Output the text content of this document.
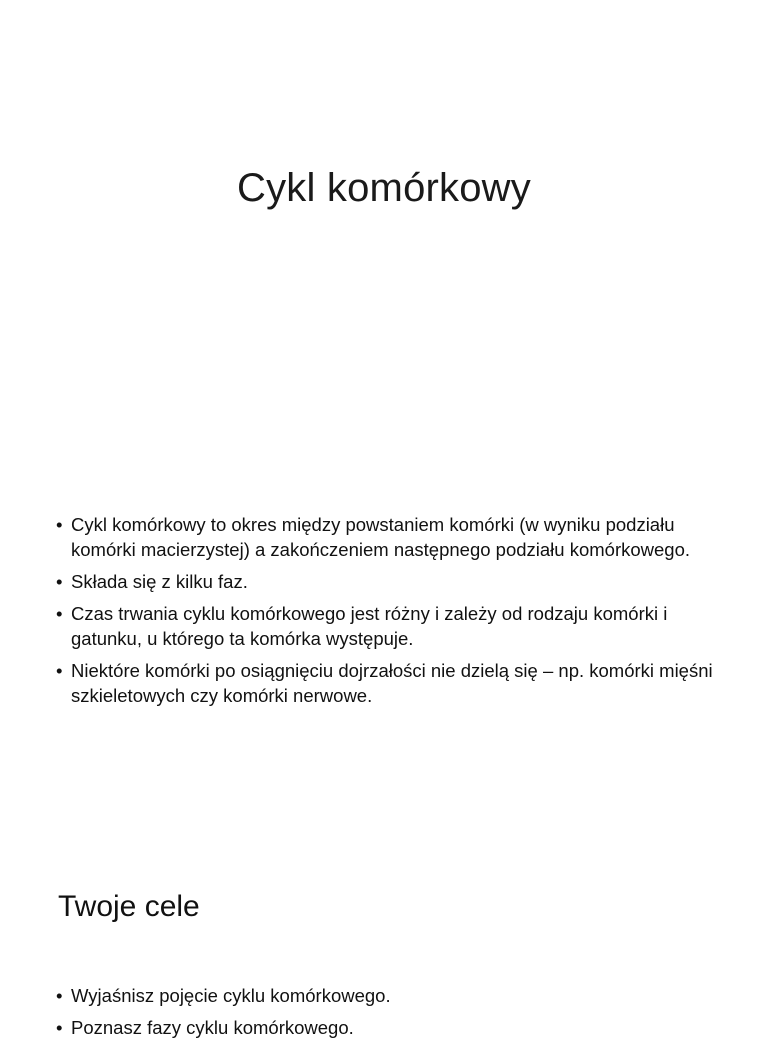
Cykl komórkowy
• Cykl komórkowy to okres między powstaniem komórki (w wyniku podziału komórki macierzystej) a zakończeniem następnego podziału komórkowego.
• Składa się z kilku faz.
• Czas trwania cyklu komórkowego jest różny i zależy od rodzaju komórki i gatunku, u którego ta komórka występuje.
• Niektóre komórki po osiągnięciu dojrzałości nie dzielą się – np. komórki mięśni szkieletowych czy komórki nerwowe.
Twoje cele
• Wyjaśnisz pojęcie cyklu komórkowego.
• Poznasz fazy cyklu komórkowego.
